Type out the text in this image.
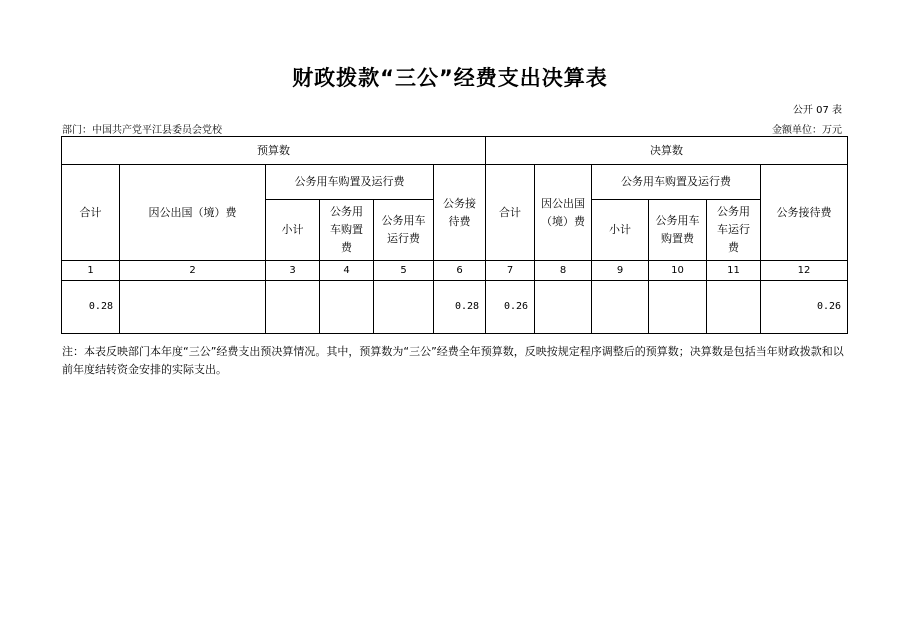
财政拨款“三公”经费支出决算表
公开 07 表
部门：中国共产党平江县委员会党校	金额单位：万元
预算数						决算数					
合计	因公出国（境）费	公务用车购置及运行费			公务接待费	合计	因公出国（境）费	公务用车购置及运行费			公务接待费
		小计	公务用车购置费	公务用车运行费				小计	公务用车购置费	公务用车运行费	
1	2	3	4	5	6	7	8	9	10	11	12
0.28					0.28	0.26					0.26
注：本表反映部门本年度“三公”经费支出预决算情况。其中，预算数为“三公”经费全年预算数，反映按规定程序调整后的预算数；决算数是包括当年财政拨款和以前年度结转资金安排的实际支出。
